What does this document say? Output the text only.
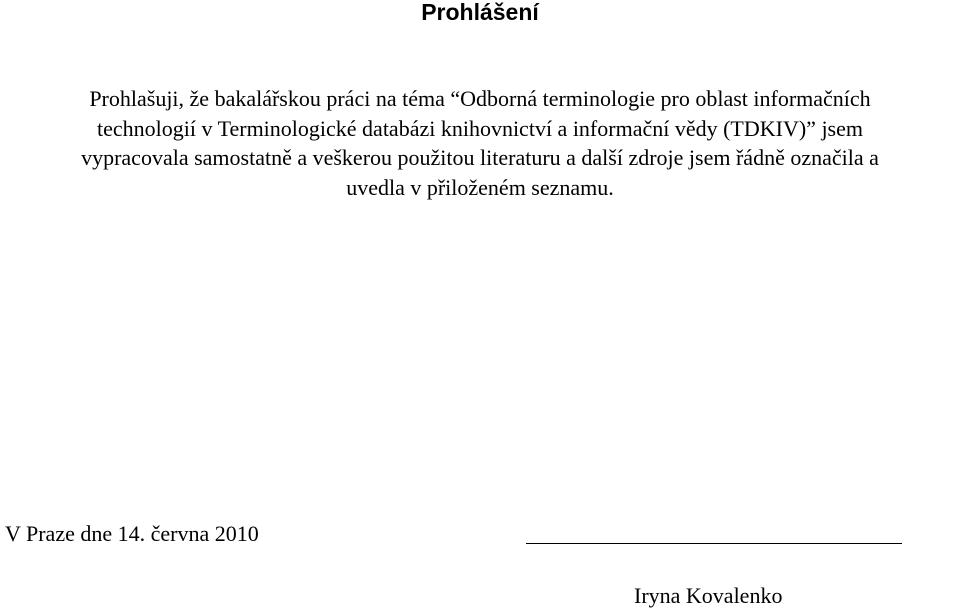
Prohlášení

Prohlašuji, že bakalářskou práci na téma “Odborná terminologie pro oblast informačních

technologií v Terminologické databázi knihovnictví a informační vědy (TDKIV)” jsem

vypracovala samostatně a veškerou použitou literaturu a další zdroje jsem řádně označila a

uvedla v přiloženém seznamu.

V Praze dne 14. června 2010

Iryna Kovalenko
